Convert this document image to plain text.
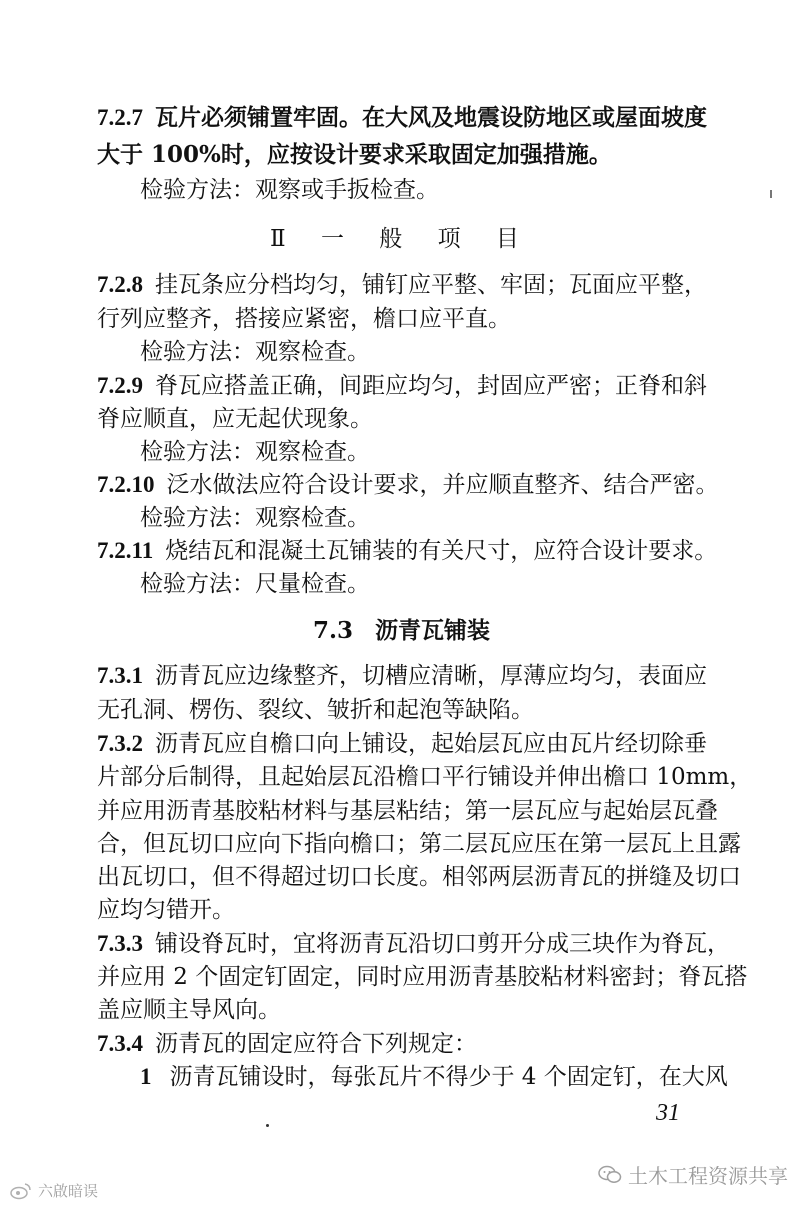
7.2.7 瓦片必须铺置牢固。在大风及地震设防地区或屋面坡度
大于 100%时，应按设计要求采取固定加强措施。
检验方法：观察或手扳检查。
Ⅱ 一 般 项 目
7.2.8 挂瓦条应分档均匀，铺钉应平整、牢固；瓦面应平整，
行列应整齐，搭接应紧密，檐口应平直。
检验方法：观察检查。
7.2.9 脊瓦应搭盖正确，间距应均匀，封固应严密；正脊和斜
脊应顺直，应无起伏现象。
检验方法：观察检查。
7.2.10 泛水做法应符合设计要求，并应顺直整齐、结合严密。
检验方法：观察检查。
7.2.11 烧结瓦和混凝土瓦铺装的有关尺寸，应符合设计要求。
检验方法：尺量检查。
7.3 沥青瓦铺装
7.3.1 沥青瓦应边缘整齐，切槽应清晰，厚薄应均匀，表面应
无孔洞、楞伤、裂纹、皱折和起泡等缺陷。
7.3.2 沥青瓦应自檐口向上铺设，起始层瓦应由瓦片经切除垂
片部分后制得，且起始层瓦沿檐口平行铺设并伸出檐口 10mm，
并应用沥青基胶粘材料与基层粘结；第一层瓦应与起始层瓦叠
合，但瓦切口应向下指向檐口；第二层瓦应压在第一层瓦上且露
出瓦切口，但不得超过切口长度。相邻两层沥青瓦的拼缝及切口
应均匀错开。
7.3.3 铺设脊瓦时，宜将沥青瓦沿切口剪开分成三块作为脊瓦，
并应用 2 个固定钉固定，同时应用沥青基胶粘材料密封；脊瓦搭
盖应顺主导风向。
7.3.4 沥青瓦的固定应符合下列规定：
1 沥青瓦铺设时，每张瓦片不得少于 4 个固定钉，在大风
31
土木工程资源共享
六啟暗误
